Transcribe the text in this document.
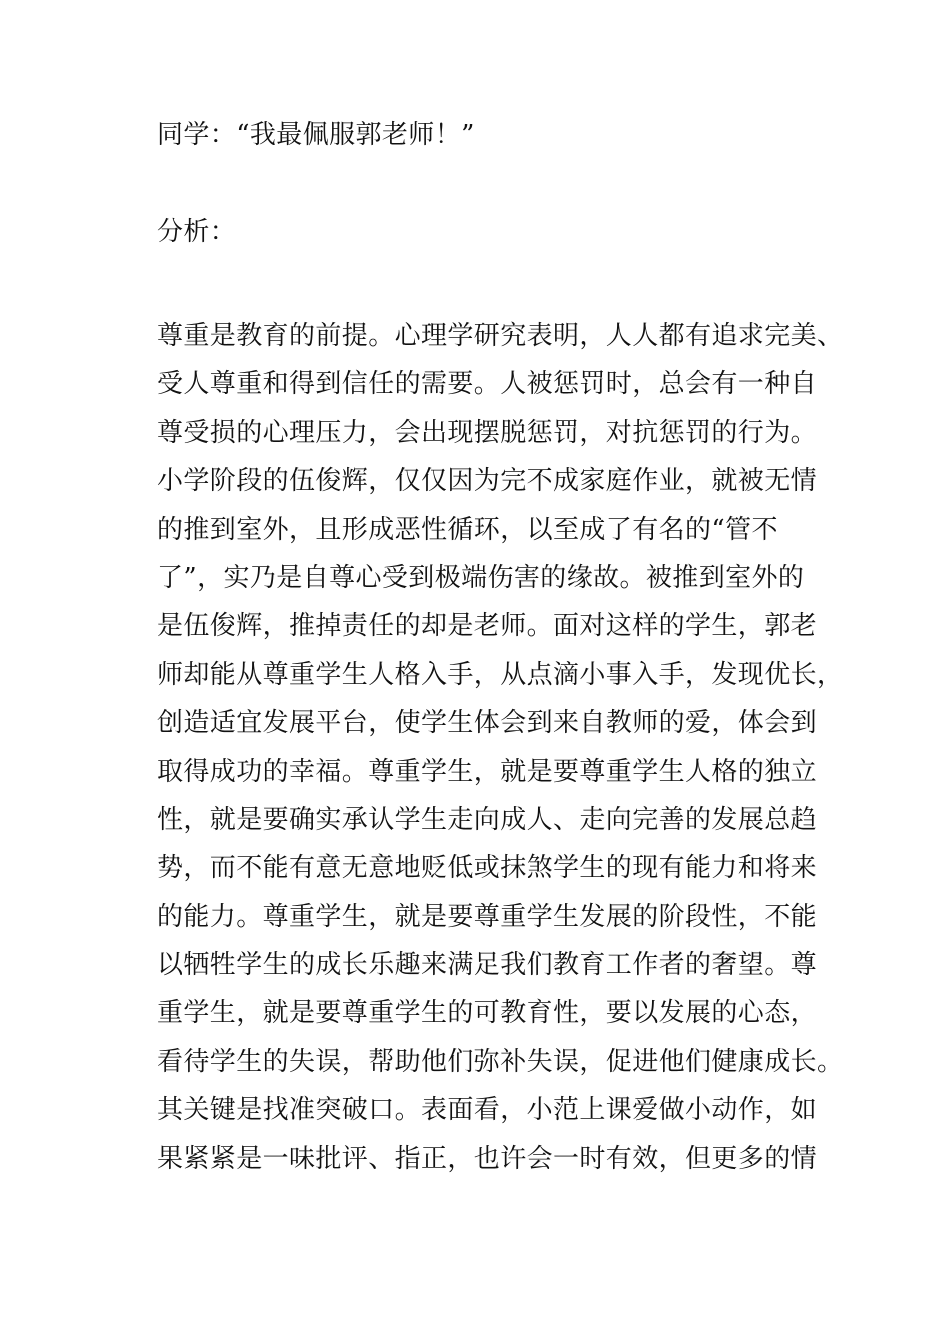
同学：“我最佩服郭老师！”
分析：
尊重是教育的前提。心理学研究表明，人人都有追求完美、
受人尊重和得到信任的需要。人被惩罚时，总会有一种自
尊受损的心理压力，会出现摆脱惩罚，对抗惩罚的行为。
小学阶段的伍俊辉，仅仅因为完不成家庭作业，就被无情
的推到室外，且形成恶性循环，以至成了有名的“管不
了”，实乃是自尊心受到极端伤害的缘故。被推到室外的
是伍俊辉，推掉责任的却是老师。面对这样的学生，郭老
师却能从尊重学生人格入手，从点滴小事入手，发现优长，
创造适宜发展平台，使学生体会到来自教师的爱，体会到
取得成功的幸福。尊重学生，就是要尊重学生人格的独立
性，就是要确实承认学生走向成人、走向完善的发展总趋
势，而不能有意无意地贬低或抹煞学生的现有能力和将来
的能力。尊重学生，就是要尊重学生发展的阶段性，不能
以牺牲学生的成长乐趣来满足我们教育工作者的奢望。尊
重学生，就是要尊重学生的可教育性，要以发展的心态，
看待学生的失误，帮助他们弥补失误，促进他们健康成长。
其关键是找准突破口。表面看，小范上课爱做小动作，如
果紧紧是一味批评、指正，也许会一时有效，但更多的情
